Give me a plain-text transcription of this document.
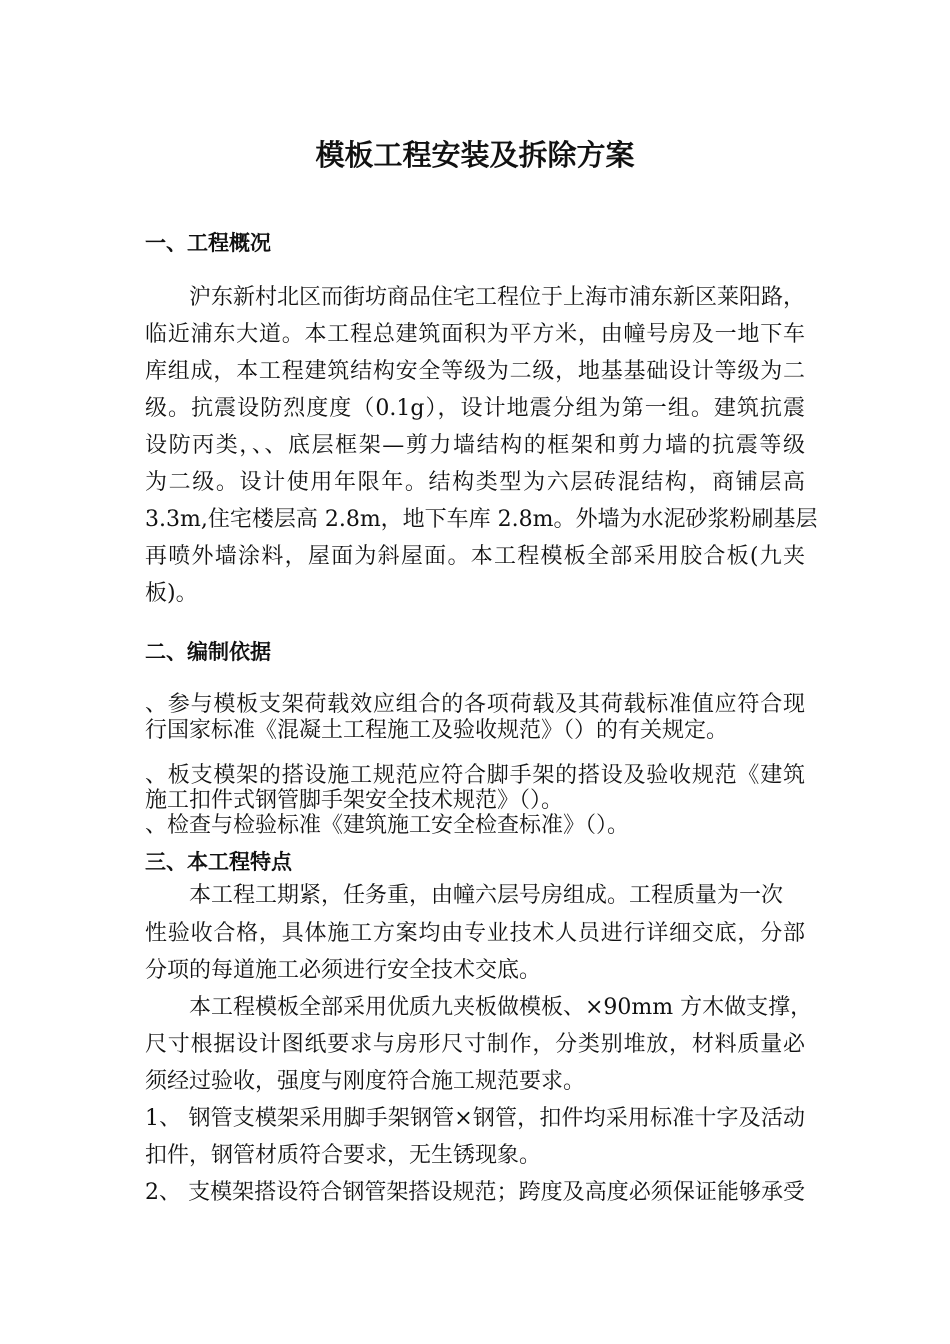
模板工程安装及拆除方案
一、工程概况
沪东新村北区而街坊商品住宅工程位于上海市浦东新区莱阳路，
临近浦东大道。本工程总建筑面积为平方米，由幢号房及一地下车
库组成，本工程建筑结构安全等级为二级，地基基础设计等级为二
级。抗震设防烈度度（0.1g），设计地震分组为第一组。建筑抗震
设防丙类，、、底层框架—剪力墙结构的框架和剪力墙的抗震等级
为二级。设计使用年限年。结构类型为六层砖混结构，商铺层高
3.3m,住宅楼层高 2.8m，地下车库 2.8m。外墙为水泥砂浆粉刷基层
再喷外墙涂料，屋面为斜屋面。本工程模板全部采用胶合板(九夹
板)。
二、编制依据
、参与模板支架荷载效应组合的各项荷载及其荷载标准值应符合现
行国家标准《混凝土工程施工及验收规范》（）的有关规定。
、板支模架的搭设施工规范应符合脚手架的搭设及验收规范《建筑
施工扣件式钢管脚手架安全技术规范》（）。
、检查与检验标准《建筑施工安全检查标准》（）。
三、本工程特点
本工程工期紧，任务重，由幢六层号房组成。工程质量为一次
性验收合格，具体施工方案均由专业技术人员进行详细交底，分部
分项的每道施工必须进行安全技术交底。
本工程模板全部采用优质九夹板做模板、×90mm 方木做支撑，
尺寸根据设计图纸要求与房形尺寸制作，分类别堆放，材料质量必
须经过验收，强度与刚度符合施工规范要求。
1、 钢管支模架采用脚手架钢管×钢管，扣件均采用标准十字及活动
扣件，钢管材质符合要求，无生锈现象。
2、 支模架搭设符合钢管架搭设规范；跨度及高度必须保证能够承受
